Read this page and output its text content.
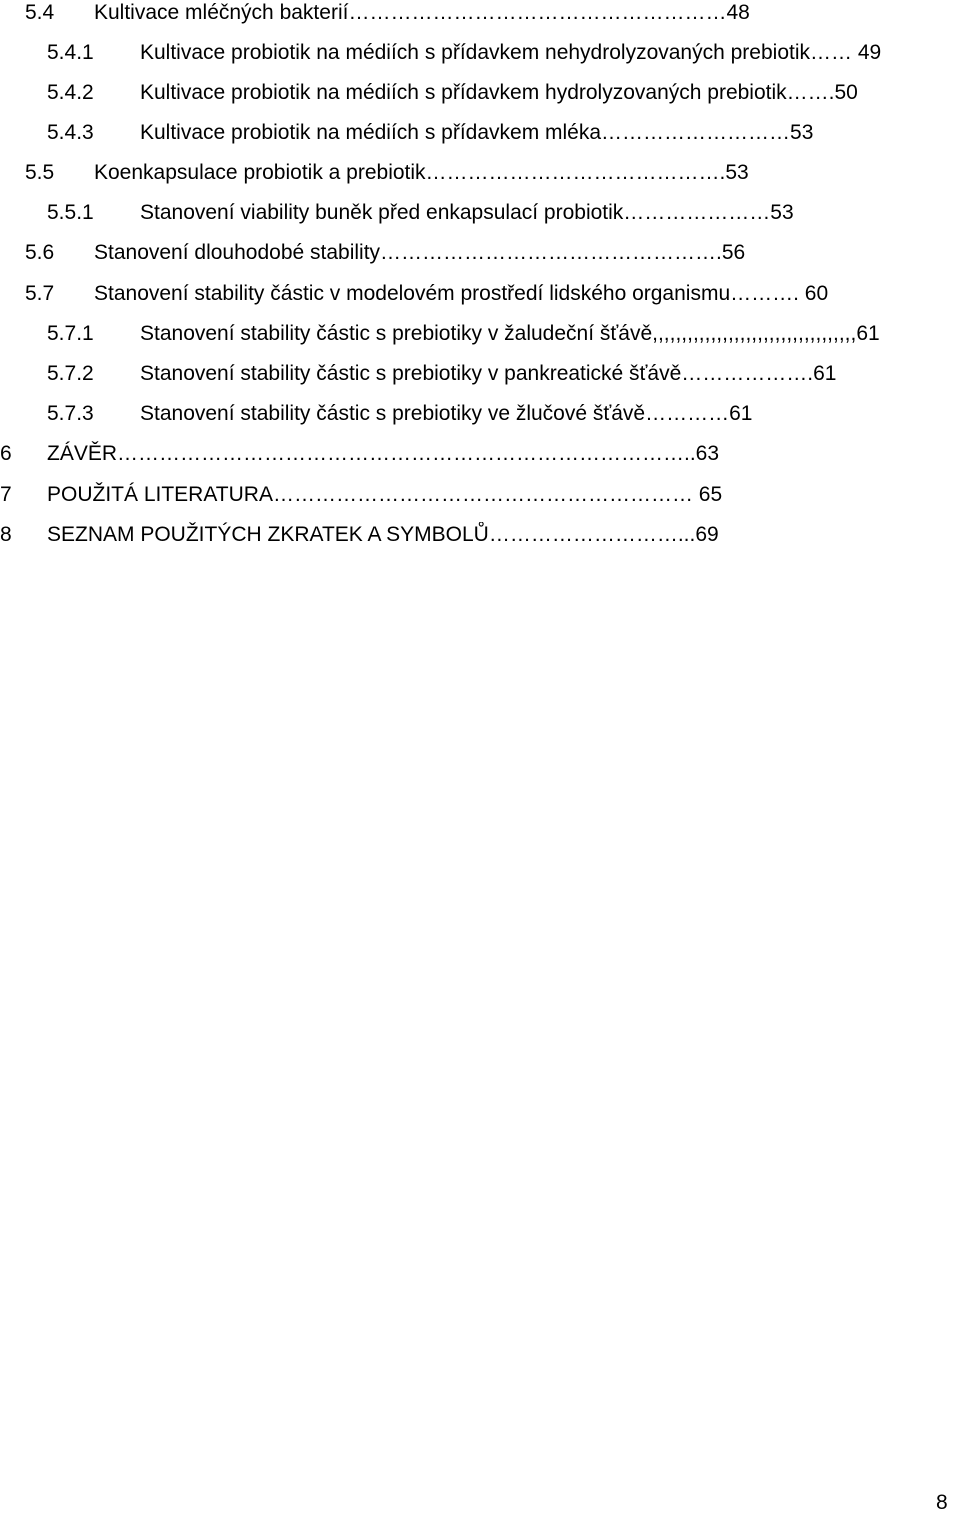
5.4 Kultivace mléčných bakterií………………………………………………48
5.4.1 Kultivace probiotik na médiích s přídavkem nehydrolyzovaných prebiotik…… 49
5.4.2 Kultivace probiotik na médiích s přídavkem hydrolyzovaných prebiotik…….50
5.4.3 Kultivace probiotik na médiích s přídavkem mléka………………………53
5.5 Koenkapsulace probiotik a prebiotik…………………………………….53
5.5.1 Stanovení viability buněk před enkapsulací probiotik…………………53
5.6 Stanovení dlouhodobé stability………………………………………….56
5.7 Stanovení stability částic v modelovém prostředí lidského organismu………. 60
5.7.1 Stanovení stability částic s prebiotiky v žaludeční šťávě,,,,,,,,,,,,,,,,,,,,,,,,,,,,,,,,,,,61
5.7.2 Stanovení stability částic s prebiotiky v pankreatické šťávě……………….61
5.7.3 Stanovení stability částic s prebiotiky ve žlučové šťávě…………61
6 ZÁVĚR………………………………………………………………………..63
7 POUŽITÁ LITERATURA…………………………………………………… 65
8 SEZNAM POUŽITÝCH ZKRATEK A SYMBOLŮ………………………...69
8
